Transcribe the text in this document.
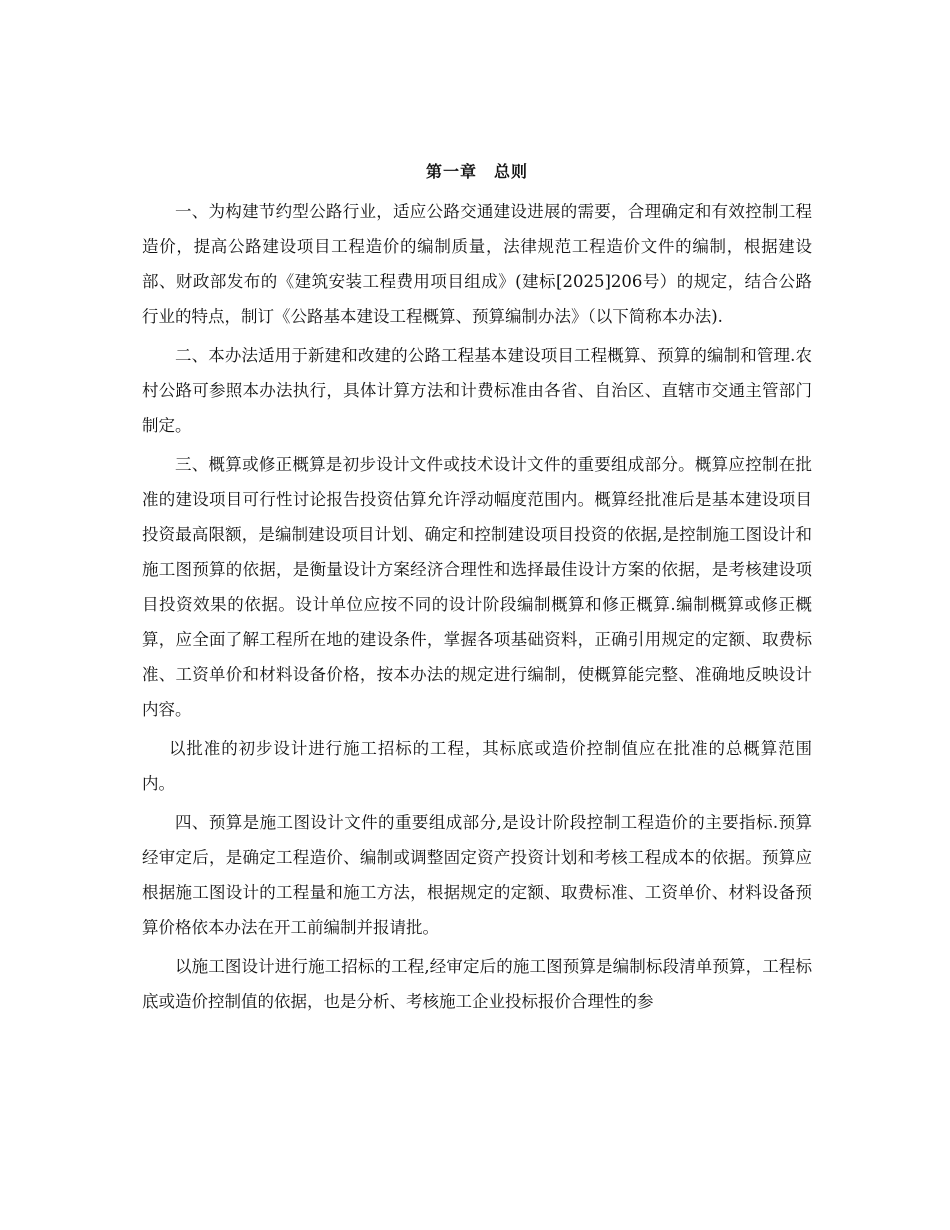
第一章　总则

一、为构建节约型公路行业，适应公路交通建设进展的需要，合理确定和有效控制工程造价，提高公路建设项目工程造价的编制质量，法律规范工程造价文件的编制，根据建设部、财政部发布的《建筑安装工程费用项目组成》(建标[2025]206号）的规定，结合公路行业的特点，制订《公路基本建设工程概算、预算编制办法》（以下简称本办法).

二、本办法适用于新建和改建的公路工程基本建设项目工程概算、预算的编制和管理.农村公路可参照本办法执行，具体计算方法和计费标准由各省、自治区、直辖市交通主管部门制定。

三、概算或修正概算是初步设计文件或技术设计文件的重要组成部分。概算应控制在批准的建设项目可行性讨论报告投资估算允许浮动幅度范围内。概算经批准后是基本建设项目投资最高限额，是编制建设项目计划、确定和控制建设项目投资的依据,是控制施工图设计和施工图预算的依据，是衡量设计方案经济合理性和选择最佳设计方案的依据，是考核建设项目投资效果的依据。设计单位应按不同的设计阶段编制概算和修正概算.编制概算或修正概算，应全面了解工程所在地的建设条件，掌握各项基础资料，正确引用规定的定额、取费标准、工资单价和材料设备价格，按本办法的规定进行编制，使概算能完整、准确地反映设计内容。

以批准的初步设计进行施工招标的工程，其标底或造价控制值应在批准的总概算范围内。

四、预算是施工图设计文件的重要组成部分,是设计阶段控制工程造价的主要指标.预算经审定后，是确定工程造价、编制或调整固定资产投资计划和考核工程成本的依据。预算应根据施工图设计的工程量和施工方法，根据规定的定额、取费标准、工资单价、材料设备预算价格依本办法在开工前编制并报请批。

以施工图设计进行施工招标的工程,经审定后的施工图预算是编制标段清单预算，工程标底或造价控制值的依据，也是分析、考核施工企业投标报价合理性的参
